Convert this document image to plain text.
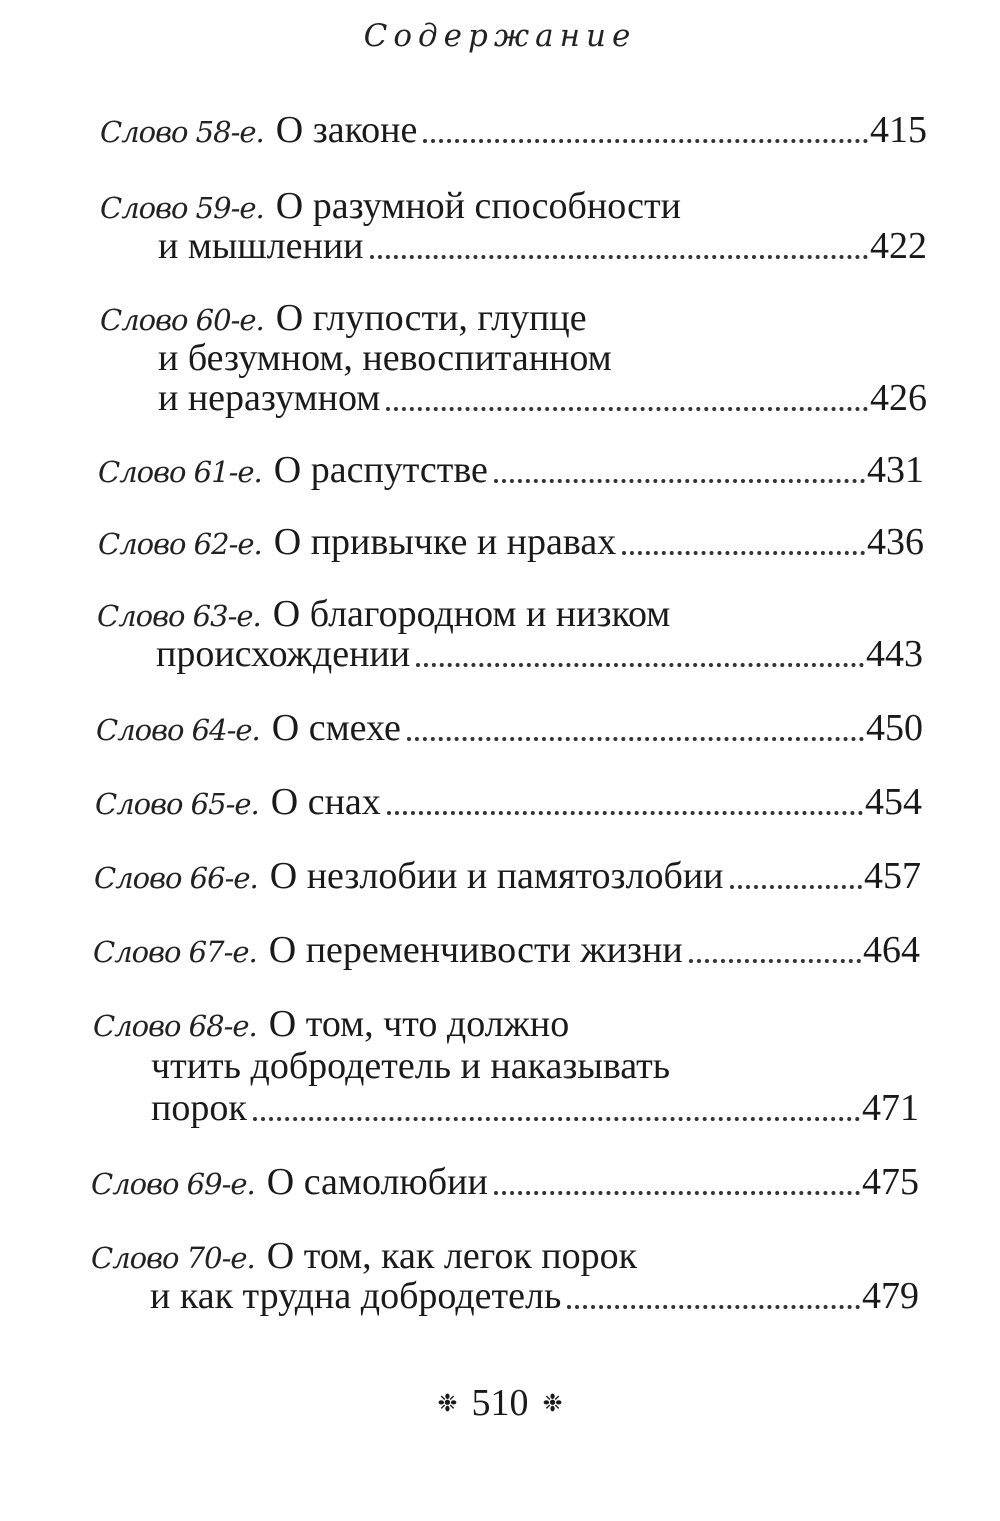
Содержание
Слово 58-е. О законе	415
Слово 59-е. О разумной способности
и мышлении	422
Слово 60-е. О глупости, глупце
и безумном, невоспитанном
и неразумном	426
Слово 61-е. О распутстве	431
Слово 62-е. О привычке и нравах	436
Слово 63-е. О благородном и низком
происхождении	443
Слово 64-е. О смехе	450
Слово 65-е. О снах	454
Слово 66-е. О незлобии и памятозлобии	457
Слово 67-е. О переменчивости жизни	464
Слово 68-е. О том, что должно
чтить добродетель и наказывать
порок	471
Слово 69-е. О самолюбии	475
Слово 70-е. О том, как легок порок
и как трудна добродетель	479
❉ 510 ❉
